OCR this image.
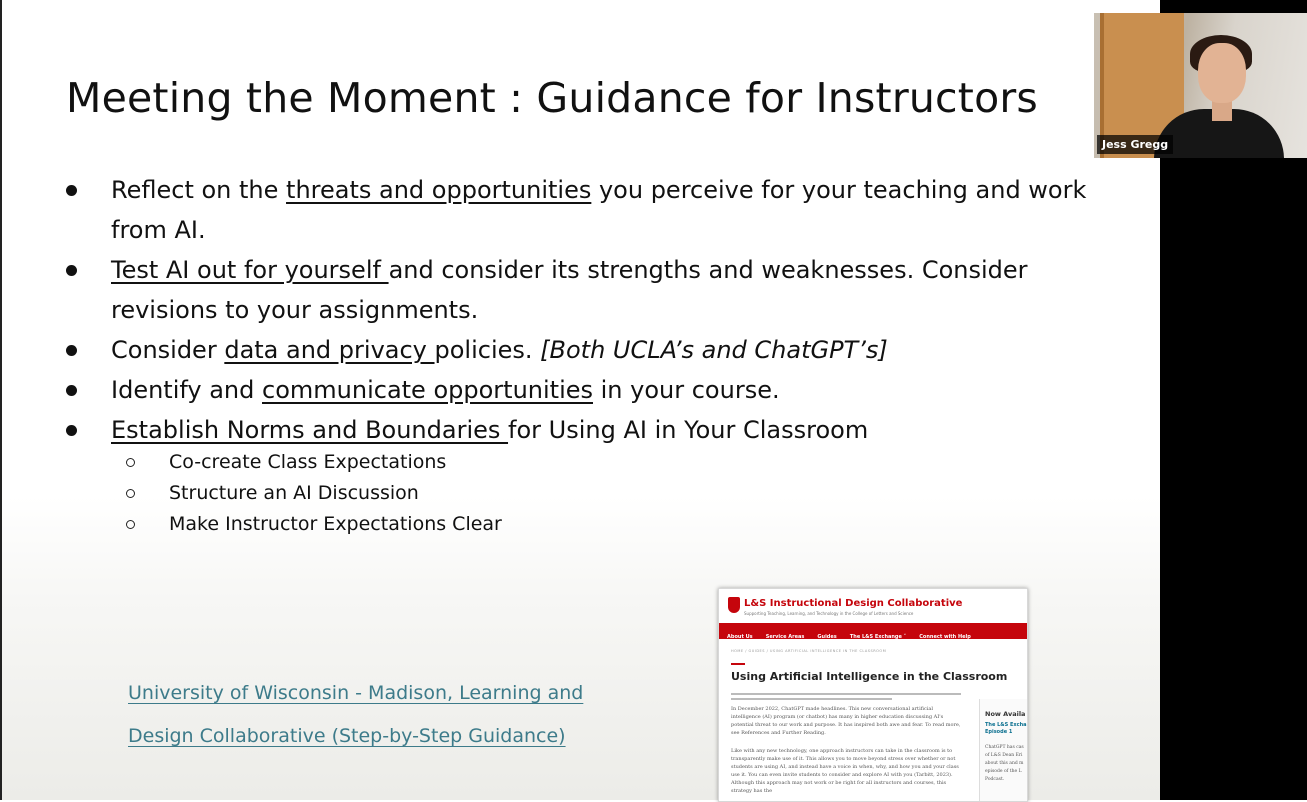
Meeting the Moment : Guidance for Instructors
Reflect on the threats and opportunities you perceive for your teaching and work from AI.
Test AI out for yourself and consider its strengths and weaknesses. Consider revisions to your assignments.
Consider data and privacy policies. [Both UCLA’s and ChatGPT’s]
Identify and communicate opportunities in your course.
Establish Norms and Boundaries for Using AI in Your Classroom
Co-create Class Expectations
Structure an AI Discussion
Make Instructor Expectations Clear
University of Wisconsin - Madison, Learning and
Design Collaborative (Step-by-Step Guidance)
L&S Instructional Design Collaborative
Supporting Teaching, Learning, and Technology in the College of Letters and Science
About Us	Service Areas	Guides	The L&S Exchange ˅	Connect with Help
HOME / GUIDES / USING ARTIFICIAL INTELLIGENCE IN THE CLASSROOM
Using Artificial Intelligence in the Classroom
In December 2022, ChatGPT made headlines. This new conversational artificial intelligence (AI) program (or chatbot) has many in higher education discussing AI's potential threat to our work and purpose. It has inspired both awe and fear. To read more, see References and Further Reading.
Like with any new technology, one approach instructors can take in the classroom is to transparently make use of it. This allows you to move beyond stress over whether or not students are using AI, and instead have a voice in when, why, and how you and your class use it. You can even invite students to consider and explore AI with you (Tarbitt, 2023). Although this approach may not work or be right for all instructors and courses, this strategy has the
Now Availa
The L&S Excha
Episode 1
ChatGPT has cas
of L&S Dean Eri
about this and m
episode of the L
Podcast.
Jess Gregg
